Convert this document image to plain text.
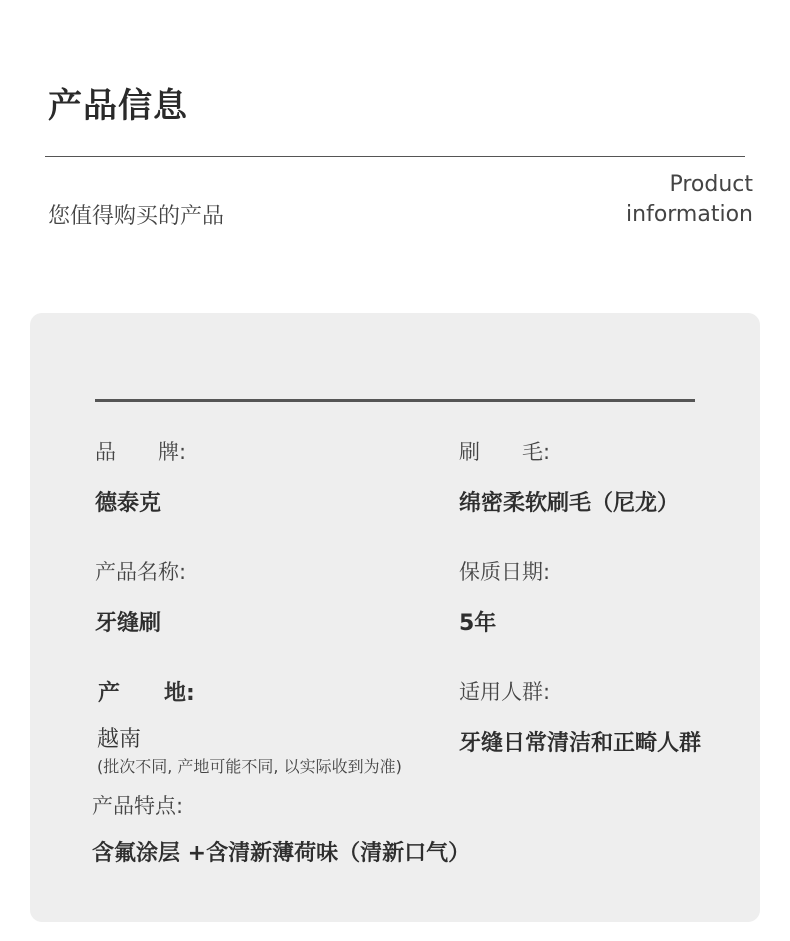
产品信息
您值得购买的产品
Product
information
品　　牌:
德泰克
刷　　毛:
绵密柔软刷毛（尼龙）
产品名称:
牙缝刷
保质日期:
5年
产　　地:
越南
(批次不同, 产地可能不同, 以实际收到为准)
适用人群:
牙缝日常清洁和正畸人群
产品特点:
含氟涂层 +含清新薄荷味（清新口气）
